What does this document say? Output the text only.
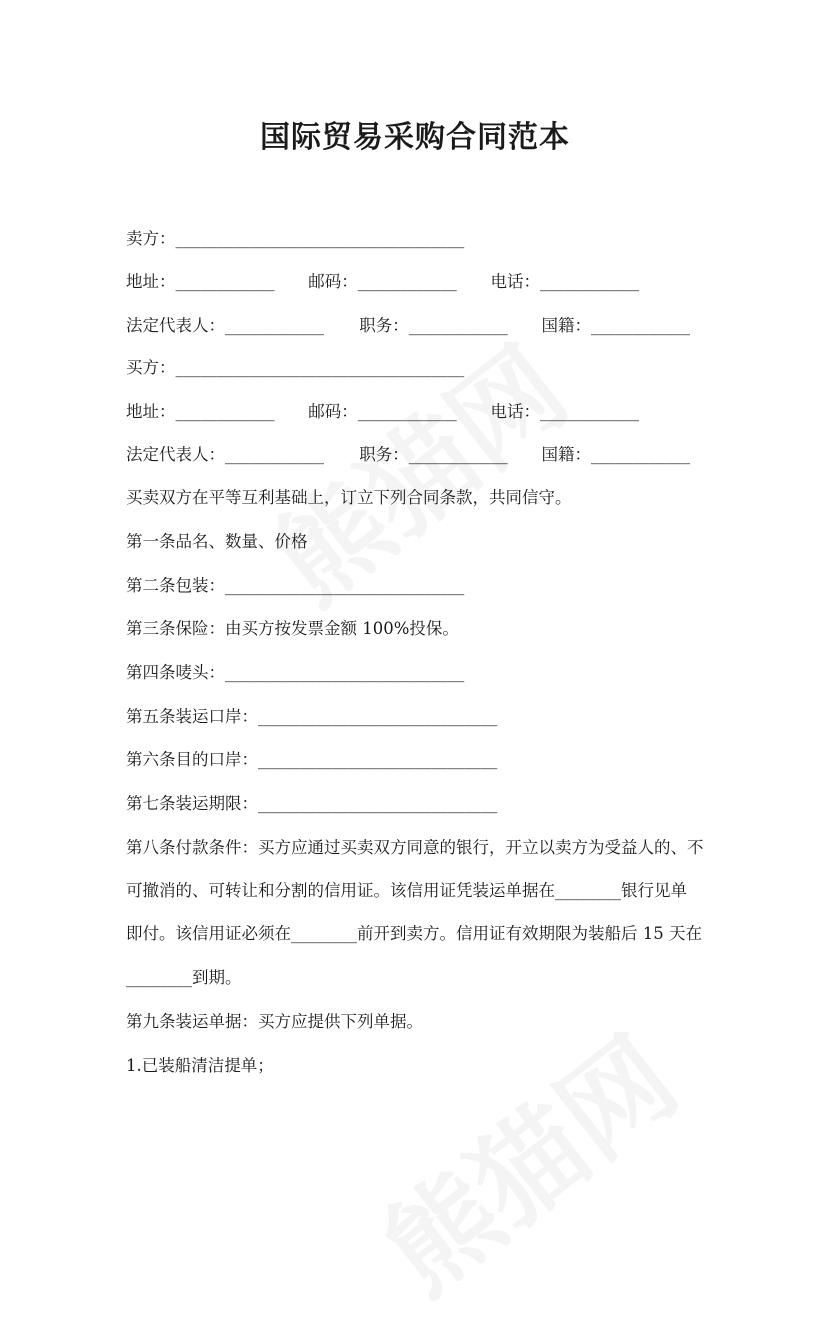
国际贸易采购合同范本
卖方：___________________________________
地址：____________ 邮码：____________ 电话：____________
法定代表人：____________ 职务：____________ 国籍：____________
买方：___________________________________
地址：____________ 邮码：____________ 电话：____________
法定代表人：____________ 职务：____________ 国籍：____________
买卖双方在平等互利基础上，订立下列合同条款，共同信守。
第一条品名、数量、价格
第二条包装：_____________________________
第三条保险：由买方按发票金额 100%投保。
第四条唛头：_____________________________
第五条装运口岸：_____________________________
第六条目的口岸：_____________________________
第七条装运期限：_____________________________
第八条付款条件：买方应通过买卖双方同意的银行，开立以卖方为受益人的、不
可撤消的、可转让和分割的信用证。该信用证凭装运单据在________银行见单
即付。该信用证必须在________前开到卖方。信用证有效期限为装船后 15 天在
________到期。
第九条装运单据：买方应提供下列单据。
1.已装船清洁提单；
